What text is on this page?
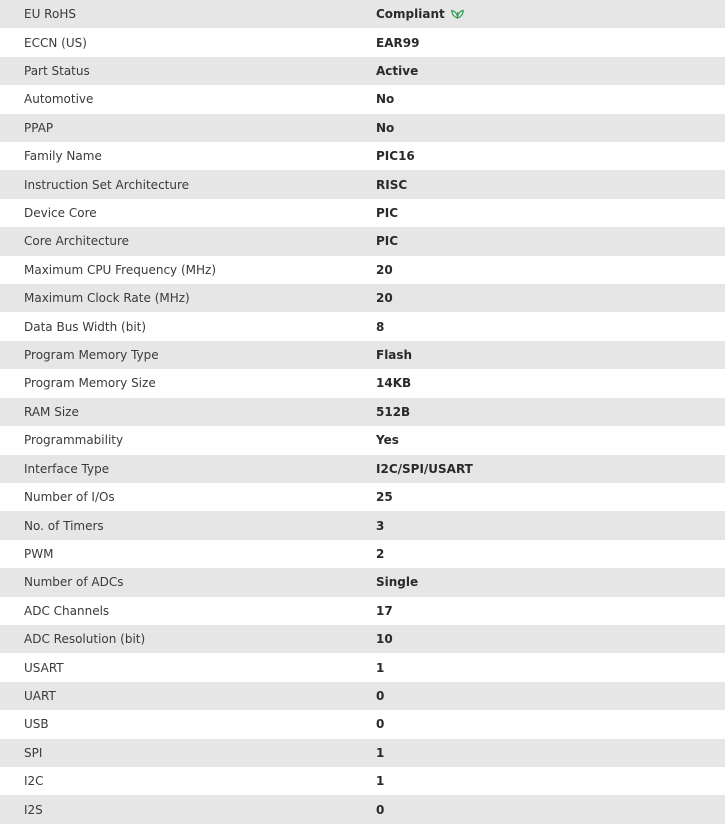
EU RoHS	Compliant
ECCN (US)	EAR99
Part Status	Active
Automotive	No
PPAP	No
Family Name	PIC16
Instruction Set Architecture	RISC
Device Core	PIC
Core Architecture	PIC
Maximum CPU Frequency (MHz)	20
Maximum Clock Rate (MHz)	20
Data Bus Width (bit)	8
Program Memory Type	Flash
Program Memory Size	14KB
RAM Size	512B
Programmability	Yes
Interface Type	I2C/SPI/USART
Number of I/Os	25
No. of Timers	3
PWM	2
Number of ADCs	Single
ADC Channels	17
ADC Resolution (bit)	10
USART	1
UART	0
USB	0
SPI	1
I2C	1
I2S	0
